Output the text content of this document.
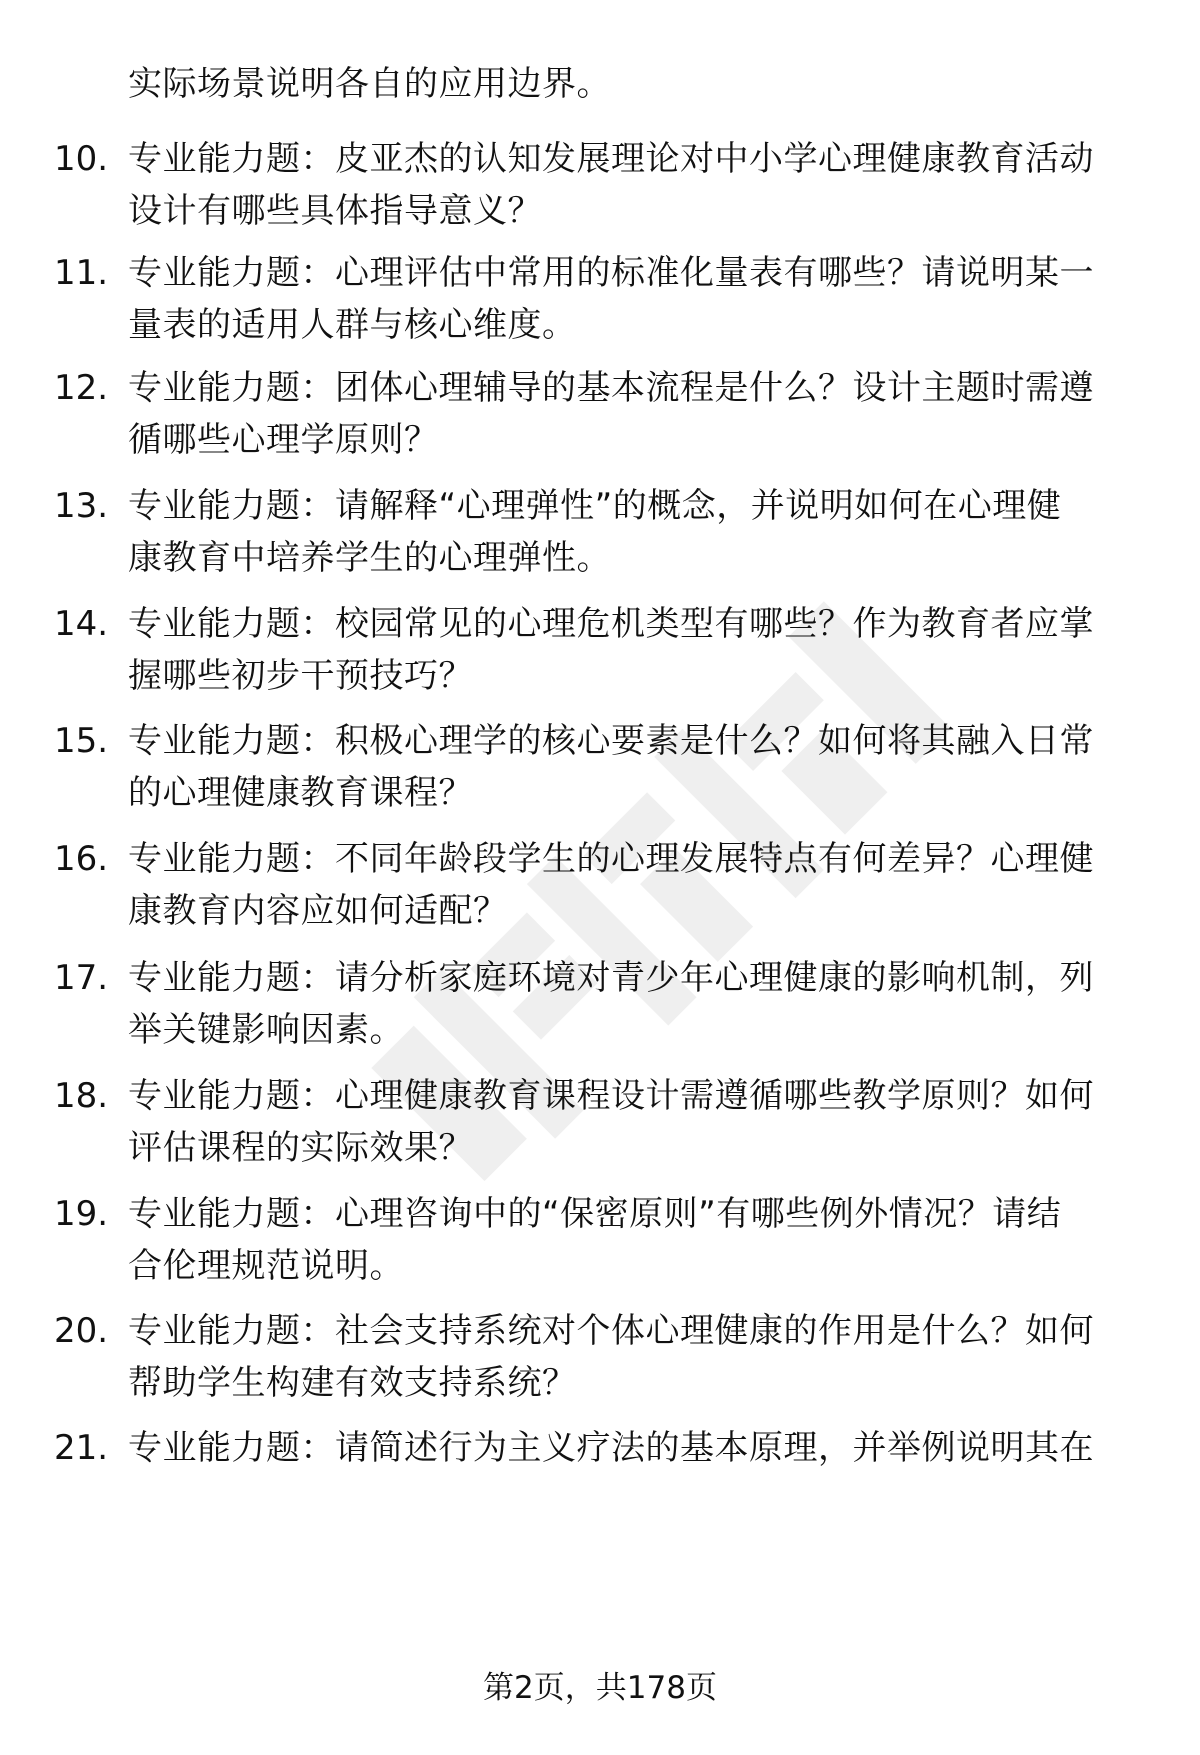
实际场景说明各自的应用边界。
10. 专业能力题：皮亚杰的认知发展理论对中小学心理健康教育活动
设计有哪些具体指导意义？
11. 专业能力题：心理评估中常用的标准化量表有哪些？请说明某一
量表的适用人群与核心维度。
12. 专业能力题：团体心理辅导的基本流程是什么？设计主题时需遵
循哪些心理学原则？
13. 专业能力题：请解释“心理弹性”的概念，并说明如何在心理健
康教育中培养学生的心理弹性。
14. 专业能力题：校园常见的心理危机类型有哪些？作为教育者应掌
握哪些初步干预技巧？
15. 专业能力题：积极心理学的核心要素是什么？如何将其融入日常
的心理健康教育课程？
16. 专业能力题：不同年龄段学生的心理发展特点有何差异？心理健
康教育内容应如何适配？
17. 专业能力题：请分析家庭环境对青少年心理健康的影响机制，列
举关键影响因素。
18. 专业能力题：心理健康教育课程设计需遵循哪些教学原则？如何
评估课程的实际效果？
19. 专业能力题：心理咨询中的“保密原则”有哪些例外情况？请结
合伦理规范说明。
20. 专业能力题：社会支持系统对个体心理健康的作用是什么？如何
帮助学生构建有效支持系统？
21. 专业能力题：请简述行为主义疗法的基本原理，并举例说明其在
第2页，共178页
